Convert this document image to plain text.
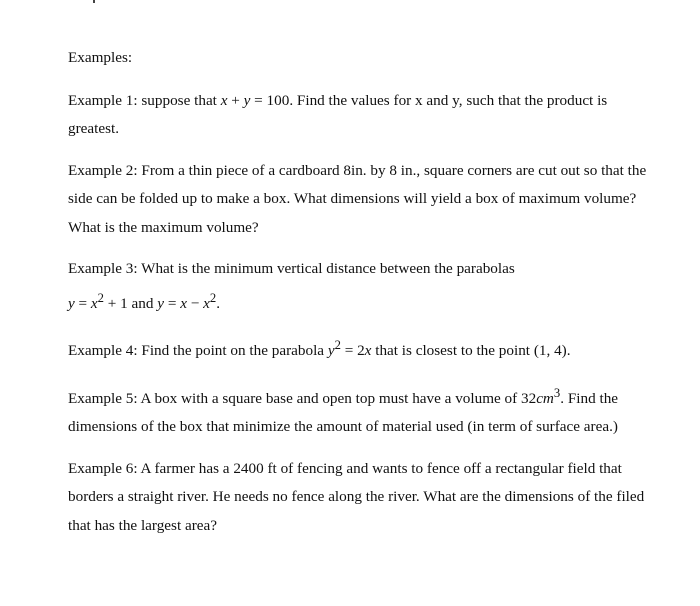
Examples:
Example 1: suppose that x + y = 100. Find the values for x and y, such that the product is greatest.
Example 2: From a thin piece of a cardboard 8in. by 8 in., square corners are cut out so that the side can be folded up to make a box. What dimensions will yield a box of maximum volume? What is the maximum volume?
Example 3: What is the minimum vertical distance between the parabolas
$y = x^2 + 1$ and $y = x - x^2$.
Example 4: Find the point on the parabola $y^2 = 2x$ that is closest to the point (1, 4).
Example 5: A box with a square base and open top must have a volume of $32cm^3$. Find the dimensions of the box that minimize the amount of material used (in term of surface area.)
Example 6: A farmer has a 2400 ft of fencing and wants to fence off a rectangular field that borders a straight river. He needs no fence along the river. What are the dimensions of the filed that has the largest area?
